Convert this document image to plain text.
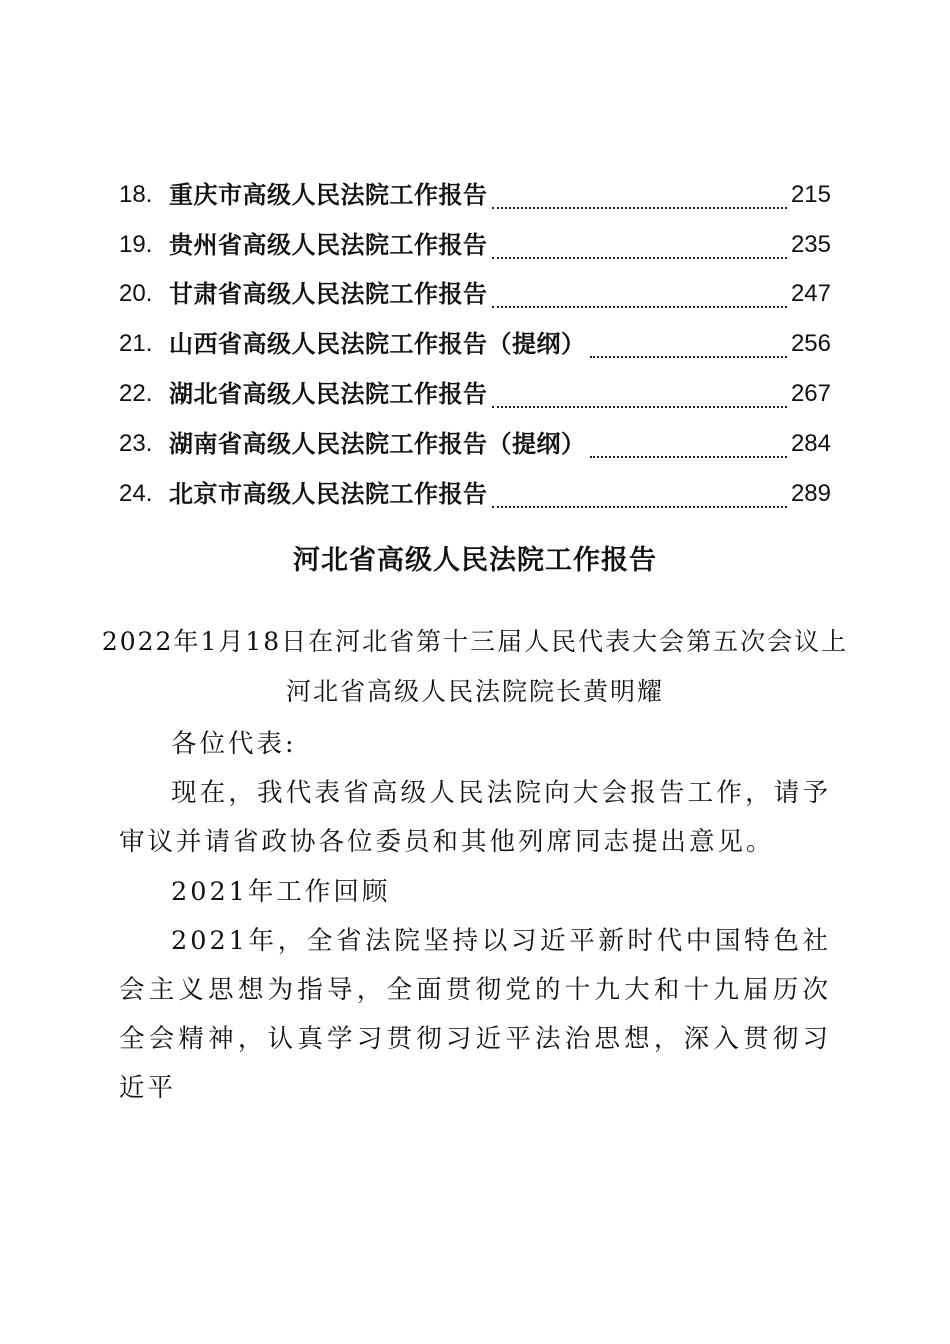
18. 重庆市高级人民法院工作报告	215
19. 贵州省高级人民法院工作报告	235
20. 甘肃省高级人民法院工作报告	247
21. 山西省高级人民法院工作报告（提纲）	256
22. 湖北省高级人民法院工作报告	267
23. 湖南省高级人民法院工作报告（提纲）	284
24. 北京市高级人民法院工作报告	289
河北省高级人民法院工作报告
2022年1月18日在河北省第十三届人民代表大会第五次会议上
河北省高级人民法院院长黄明耀
各位代表:
现在，我代表省高级人民法院向大会报告工作，请予审议并请省政协各位委员和其他列席同志提出意见。
2021年工作回顾
2021年，全省法院坚持以习近平新时代中国特色社会主义思想为指导，全面贯彻党的十九大和十九届历次全会精神，认真学习贯彻习近平法治思想，深入贯彻习近平
